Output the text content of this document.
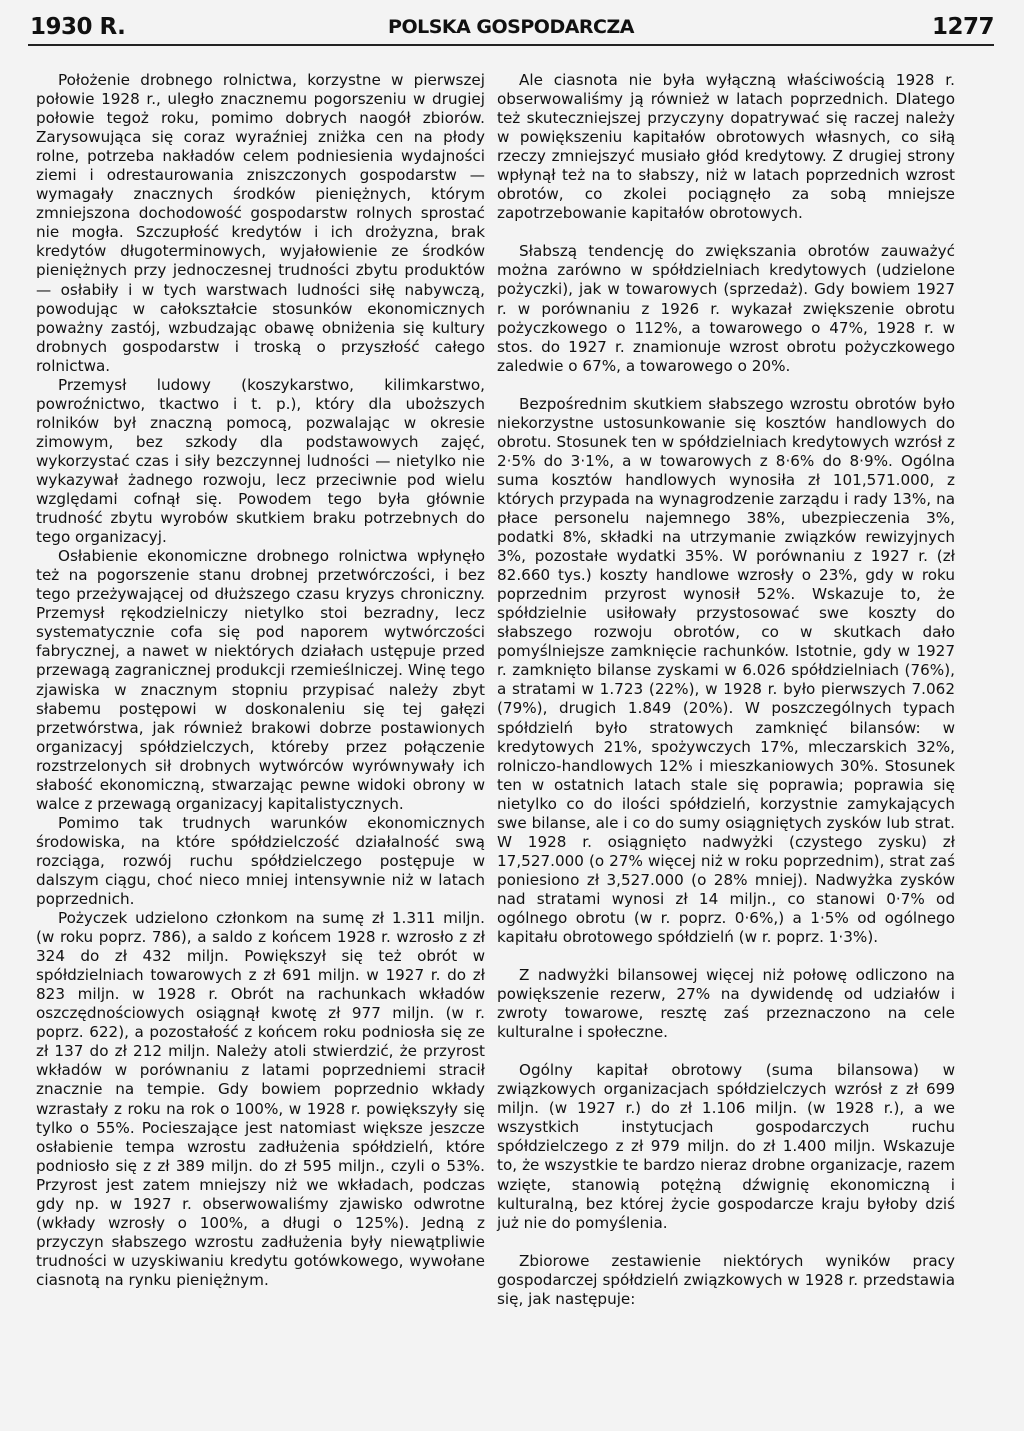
1930 R.	POLSKA GOSPODARCZA	1277

Położenie drobnego rolnictwa, korzystne w pierwszej połowie 1928 r., uległo znacznemu pogorszeniu w drugiej połowie tegoż roku, pomimo dobrych naogół zbiorów. Zarysowująca się coraz wyraźniej zniżka cen na płody rolne, potrzeba nakładów celem podniesienia wydajności ziemi i odrestaurowania zniszczonych gospodarstw — wymagały znacznych środków pieniężnych, którym zmniejszona dochodowość gospodarstw rolnych sprostać nie mogła. Szczupłość kredytów i ich drożyzna, brak kredytów długoterminowych, wyjałowienie ze środków pieniężnych przy jednoczesnej trudności zbytu produktów — osłabiły i w tych warstwach ludności siłę nabywczą, powodując w całokształcie stosunków ekonomicznych poważny zastój, wzbudzając obawę obniżenia się kultury drobnych gospodarstw i troską o przyszłość całego rolnictwa.

Przemysł ludowy (koszykarstwo, kilimkarstwo, powroźnictwo, tkactwo i t. p.), który dla uboższych rolników był znaczną pomocą, pozwalając w okresie zimowym, bez szkody dla podstawowych zajęć, wykorzystać czas i siły bezczynnej ludności — nietylko nie wykazywał żadnego rozwoju, lecz przeciwnie pod wielu względami cofnął się. Powodem tego była głównie trudność zbytu wyrobów skutkiem braku potrzebnych do tego organizacyj.

Osłabienie ekonomiczne drobnego rolnictwa wpłynęło też na pogorszenie stanu drobnej przetwórczości, i bez tego przeżywającej od dłuższego czasu kryzys chroniczny. Przemysł rękodzielniczy nietylko stoi bezradny, lecz systematycznie cofa się pod naporem wytwórczości fabrycznej, a nawet w niektórych działach ustępuje przed przewagą zagranicznej produkcji rzemieślniczej. Winę tego zjawiska w znacznym stopniu przypisać należy zbyt słabemu postępowi w doskonaleniu się tej gałęzi przetwórstwa, jak również brakowi dobrze postawionych organizacyj spółdzielczych, któreby przez połączenie rozstrzelonych sił drobnych wytwórców wyrównywały ich słabość ekonomiczną, stwarzając pewne widoki obrony w walce z przewagą organizacyj kapitalistycznych.

Pomimo tak trudnych warunków ekonomicznych środowiska, na które spółdzielczość działalność swą rozciąga, rozwój ruchu spółdzielczego postępuje w dalszym ciągu, choć nieco mniej intensywnie niż w latach poprzednich.

Pożyczek udzielono członkom na sumę zł 1.311 miljn. (w roku poprz. 786), a saldo z końcem 1928 r. wzrosło z zł 324 do zł 432 miljn. Powiększył się też obrót w spółdzielniach towarowych z zł 691 miljn. w 1927 r. do zł 823 miljn. w 1928 r. Obrót na rachunkach wkładów oszczędnościowych osiągnął kwotę zł 977 miljn. (w r. poprz. 622), a pozostałość z końcem roku podniosła się ze zł 137 do zł 212 miljn. Należy atoli stwierdzić, że przyrost wkładów w porównaniu z latami poprzedniemi stracił znacznie na tempie. Gdy bowiem poprzednio wkłady wzrastały z roku na rok o 100%, w 1928 r. powiększyły się tylko o 55%. Pocieszające jest natomiast większe jeszcze osłabienie tempa wzrostu zadłużenia spółdzielń, które podniosło się z zł 389 miljn. do zł 595 miljn., czyli o 53%. Przyrost jest zatem mniejszy niż we wkładach, podczas gdy np. w 1927 r. obserwowaliśmy zjawisko odwrotne (wkłady wzrosły o 100%, a długi o 125%). Jedną z przyczyn słabszego wzrostu zadłużenia były niewątpliwie trudności w uzyskiwaniu kredytu gotówkowego, wywołane ciasnotą na rynku pieniężnym.

Ale ciasnota nie była wyłączną właściwością 1928 r. obserwowaliśmy ją również w latach poprzednich. Dlatego też skuteczniejszej przyczyny dopatrywać się raczej należy w powiększeniu kapitałów obrotowych własnych, co siłą rzeczy zmniejszyć musiało głód kredytowy. Z drugiej strony wpłynął też na to słabszy, niż w latach poprzednich wzrost obrotów, co zkolei pociągnęło za sobą mniejsze zapotrzebowanie kapitałów obrotowych.

Słabszą tendencję do zwiększania obrotów zauważyć można zarówno w spółdzielniach kredytowych (udzielone pożyczki), jak w towarowych (sprzedaż). Gdy bowiem 1927 r. w porównaniu z 1926 r. wykazał zwiększenie obrotu pożyczkowego o 112%, a towarowego o 47%, 1928 r. w stos. do 1927 r. znamionuje wzrost obrotu pożyczkowego zaledwie o 67%, a towarowego o 20%.

Bezpośrednim skutkiem słabszego wzrostu obrotów było niekorzystne ustosunkowanie się kosztów handlowych do obrotu. Stosunek ten w spółdzielniach kredytowych wzrósł z 2·5% do 3·1%, a w towarowych z 8·6% do 8·9%. Ogólna suma kosztów handlowych wynosiła zł 101,571.000, z których przypada na wynagrodzenie zarządu i rady 13%, na płace personelu najemnego 38%, ubezpieczenia 3%, podatki 8%, składki na utrzymanie związków rewizyjnych 3%, pozostałe wydatki 35%. W porównaniu z 1927 r. (zł 82.660 tys.) koszty handlowe wzrosły o 23%, gdy w roku poprzednim przyrost wynosił 52%. Wskazuje to, że spółdzielnie usiłowały przystosować swe koszty do słabszego rozwoju obrotów, co w skutkach dało pomyślniejsze zamknięcie rachunków. Istotnie, gdy w 1927 r. zamknięto bilanse zyskami w 6.026 spółdzielniach (76%), a stratami w 1.723 (22%), w 1928 r. było pierwszych 7.062 (79%), drugich 1.849 (20%). W poszczególnych typach spółdzielń było stratowych zamknięć bilansów: w kredytowych 21%, spożywczych 17%, mleczarskich 32%, rolniczo-handlowych 12% i mieszkaniowych 30%. Stosunek ten w ostatnich latach stale się poprawia; poprawia się nietylko co do ilości spółdzielń, korzystnie zamykających swe bilanse, ale i co do sumy osiągniętych zysków lub strat. W 1928 r. osiągnięto nadwyżki (czystego zysku) zł 17,527.000 (o 27% więcej niż w roku poprzednim), strat zaś poniesiono zł 3,527.000 (o 28% mniej). Nadwyżka zysków nad stratami wynosi zł 14 miljn., co stanowi 0·7% od ogólnego obrotu (w r. poprz. 0·6%,) a 1·5% od ogólnego kapitału obrotowego spółdzielń (w r. poprz. 1·3%).

Z nadwyżki bilansowej więcej niż połowę odliczono na powiększenie rezerw, 27% na dywidendę od udziałów i zwroty towarowe, resztę zaś przeznaczono na cele kulturalne i społeczne.

Ogólny kapitał obrotowy (suma bilansowa) w związkowych organizacjach spółdzielczych wzrósł z zł 699 miljn. (w 1927 r.) do zł 1.106 miljn. (w 1928 r.), a we wszystkich instytucjach gospodarczych ruchu spółdzielczego z zł 979 miljn. do zł 1.400 miljn. Wskazuje to, że wszystkie te bardzo nieraz drobne organizacje, razem wzięte, stanowią potężną dźwignię ekonomiczną i kulturalną, bez której życie gospodarcze kraju byłoby dziś już nie do pomyślenia.

Zbiorowe zestawienie niektórych wyników pracy gospodarczej spółdzielń związkowych w 1928 r. przedstawia się, jak następuje:
